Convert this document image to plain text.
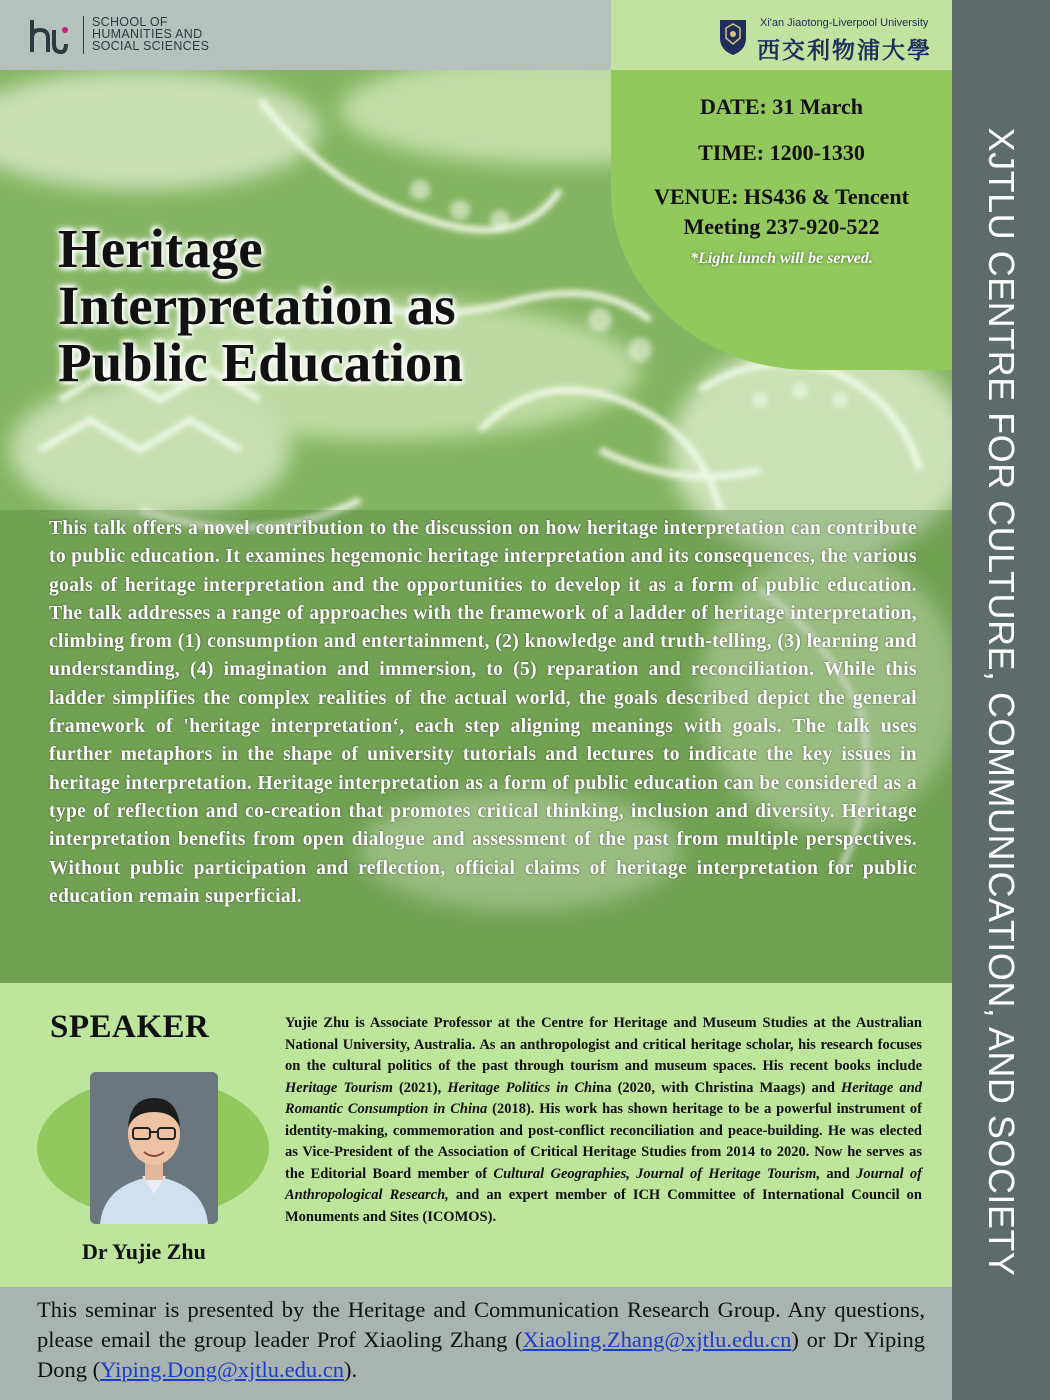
SCHOOL OF
HUMANITIES AND
SOCIAL SCIENCES
Xi'an Jiaotong-Liverpool University
西交利物浦大學
Heritage
Interpretation as
Public Education
DATE: 31 March
TIME: 1200-1330
VENUE: HS436 & Tencent
Meeting 237-920-522
*Light lunch will be served.
This talk offers a novel contribution to the discussion on how heritage interpretation can contribute to public education. It examines hegemonic heritage interpretation and its consequences, the various goals of heritage interpretation and the opportunities to develop it as a form of public education. The talk addresses a range of approaches with the framework of a ladder of heritage interpretation, climbing from (1) consumption and entertainment, (2) knowledge and truth-telling, (3) learning and understanding, (4) imagination and immersion, to (5) reparation and reconciliation. While this ladder simplifies the complex realities of the actual world, the goals described depict the general framework of 'heritage interpretation‘, each step aligning meanings with goals. The talk uses further metaphors in the shape of university tutorials and lectures to indicate the key issues in heritage interpretation. Heritage interpretation as a form of public education can be considered as a type of reflection and co-creation that promotes critical thinking, inclusion and diversity. Heritage interpretation benefits from open dialogue and assessment of the past from multiple perspectives. Without public participation and reflection, official claims of heritage interpretation for public education remain superficial.
SPEAKER
Dr Yujie Zhu
Yujie Zhu is Associate Professor at the Centre for Heritage and Museum Studies at the Australian National University, Australia. As an anthropologist and critical heritage scholar, his research focuses on the cultural politics of the past through tourism and museum spaces. His recent books include Heritage Tourism (2021), Heritage Politics in China (2020, with Christina Maags) and Heritage and Romantic Consumption in China (2018). His work has shown heritage to be a powerful instrument of identity-making, commemoration and post-conflict reconciliation and peace-building. He was elected as Vice-President of the Association of Critical Heritage Studies from 2014 to 2020. Now he serves as the Editorial Board member of Cultural Geographies, Journal of Heritage Tourism, and Journal of Anthropological Research, and an expert member of ICH Committee of International Council on Monuments and Sites (ICOMOS).
This seminar is presented by the Heritage and Communication Research Group. Any questions, please email the group leader Prof Xiaoling Zhang (Xiaoling.Zhang@xjtlu.edu.cn) or Dr Yiping Dong (Yiping.Dong@xjtlu.edu.cn).
XJTLU CENTRE FOR CULTURE, COMMUNICATION, AND SOCIETY
